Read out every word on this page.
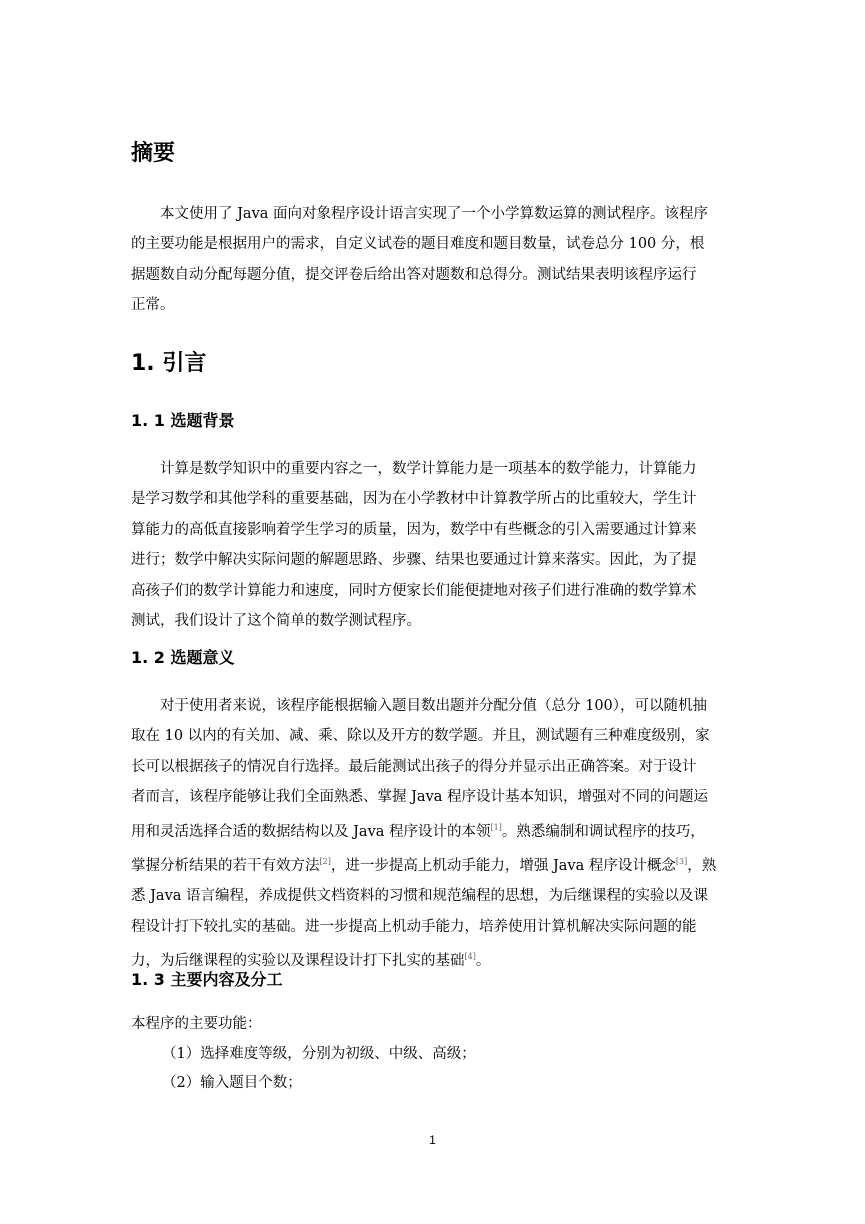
摘要

本文使用了 Java 面向对象程序设计语言实现了一个小学算数运算的测试程序。该程序
的主要功能是根据用户的需求，自定义试卷的题目难度和题目数量，试卷总分 100 分，根
据题数自动分配每题分值，提交评卷后给出答对题数和总得分。测试结果表明该程序运行
正常。

1. 引言
1. 1 选题背景

计算是数学知识中的重要内容之一，数学计算能力是一项基本的数学能力，计算能力
是学习数学和其他学科的重要基础，因为在小学教材中计算教学所占的比重较大，学生计
算能力的高低直接影响着学生学习的质量，因为，数学中有些概念的引入需要通过计算来
进行；数学中解决实际问题的解题思路、步骤、结果也要通过计算来落实。因此，为了提
高孩子们的数学计算能力和速度，同时方便家长们能便捷地对孩子们进行准确的数学算术
测试，我们设计了这个简单的数学测试程序。

1. 2 选题意义

对于使用者来说，该程序能根据输入题目数出题并分配分值（总分 100），可以随机抽
取在 10 以内的有关加、减、乘、除以及开方的数学题。并且，测试题有三种难度级别，家
长可以根据孩子的情况自行选择。最后能测试出孩子的得分并显示出正确答案。对于设计
者而言，该程序能够让我们全面熟悉、掌握 Java 程序设计基本知识，增强对不同的问题运
用和灵活选择合适的数据结构以及 Java 程序设计的本领[1]。熟悉编制和调试程序的技巧，
掌握分析结果的若干有效方法[2]，进一步提高上机动手能力，增强 Java 程序设计概念[3]，熟
悉 Java 语言编程，养成提供文档资料的习惯和规范编程的思想，为后继课程的实验以及课
程设计打下较扎实的基础。进一步提高上机动手能力，培养使用计算机解决实际问题的能
力，为后继课程的实验以及课程设计打下扎实的基础[4]。

1. 3 主要内容及分工

本程序的主要功能：

（1）选择难度等级，分别为初级、中级、高级；

（2）输入题目个数；

1
